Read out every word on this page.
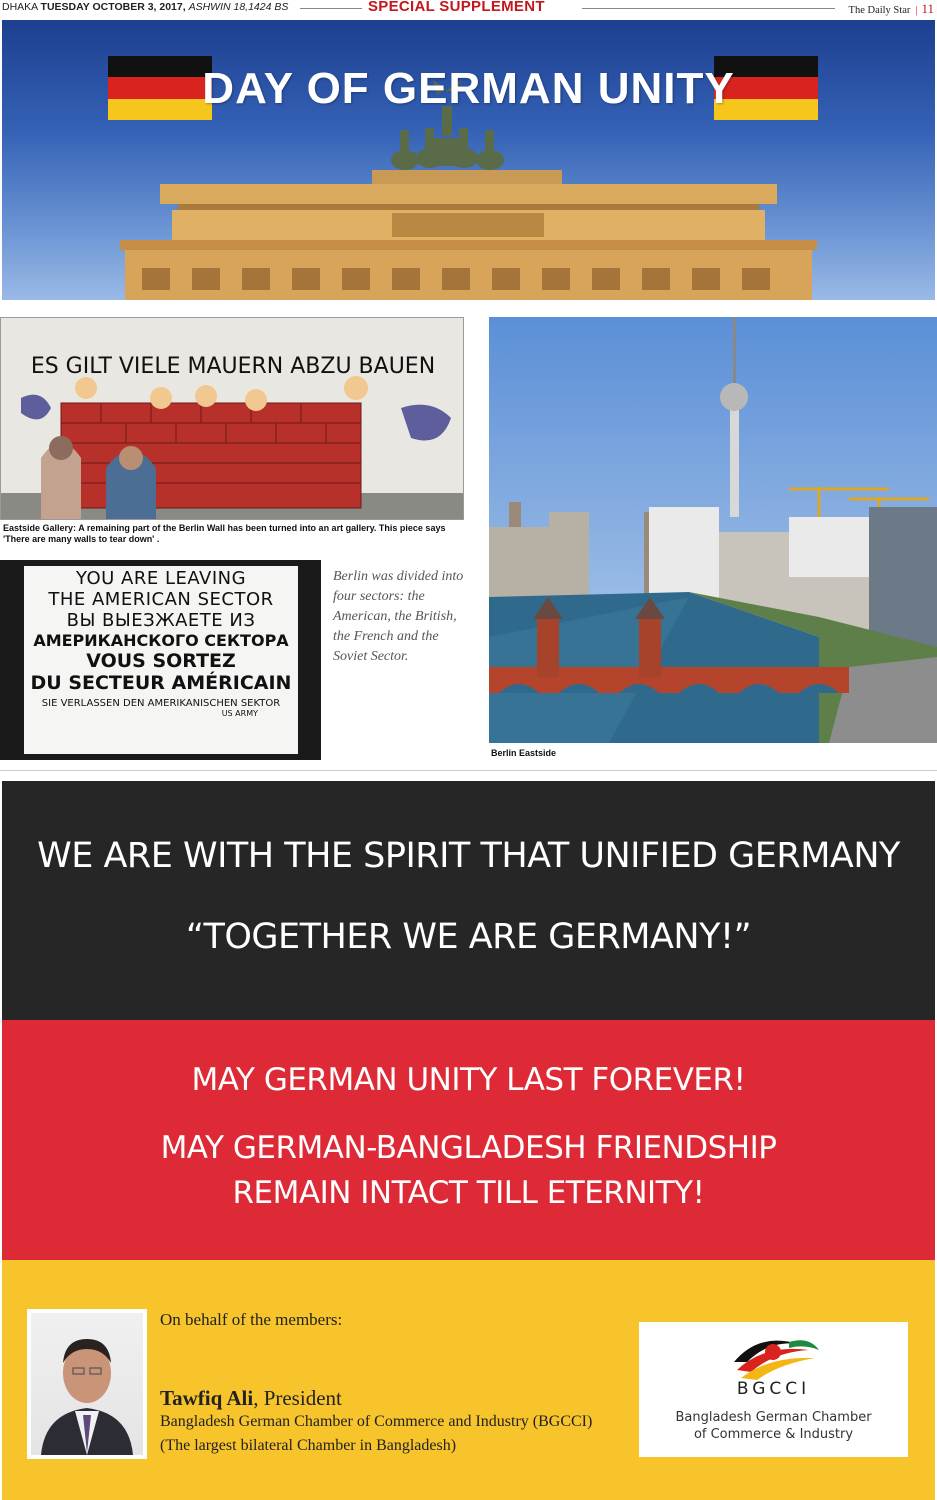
DHAKA TUESDAY OCTOBER 3, 2017, ASHWIN 18,1424 BS	SPECIAL SUPPLEMENT	The Daily Star | 11
DAY OF GERMAN UNITY
ES GILT VIELE MAUERN ABZU BAUEN
Eastside Gallery: A remaining part of the Berlin Wall has been turned into an art gallery. This piece says 'There are many walls to tear down' .
YOU ARE LEAVING
THE AMERICAN SECTOR
ВЫ ВЫЕЗЖАЕТЕ ИЗ
АМЕРИКАНСКОГО СЕКТОРА
VOUS SORTEZ
DU SECTEUR AMÉRICAIN
SIE VERLASSEN DEN AMERIKANISCHEN SEKTOR
US ARMY
Berlin was divided into four sectors: the American, the British, the French and the Soviet Sector.
Berlin Eastside
WE ARE WITH THE SPIRIT THAT UNIFIED GERMANY
“TOGETHER WE ARE GERMANY!”
MAY GERMAN UNITY LAST FOREVER!
MAY GERMAN-BANGLADESH FRIENDSHIP
REMAIN INTACT TILL ETERNITY!
On behalf of the members:
Tawfiq Ali, President
Bangladesh German Chamber of Commerce and Industry (BGCCI)
(The largest bilateral Chamber in Bangladesh)
BGCCI
Bangladesh German Chamber
of Commerce & Industry
